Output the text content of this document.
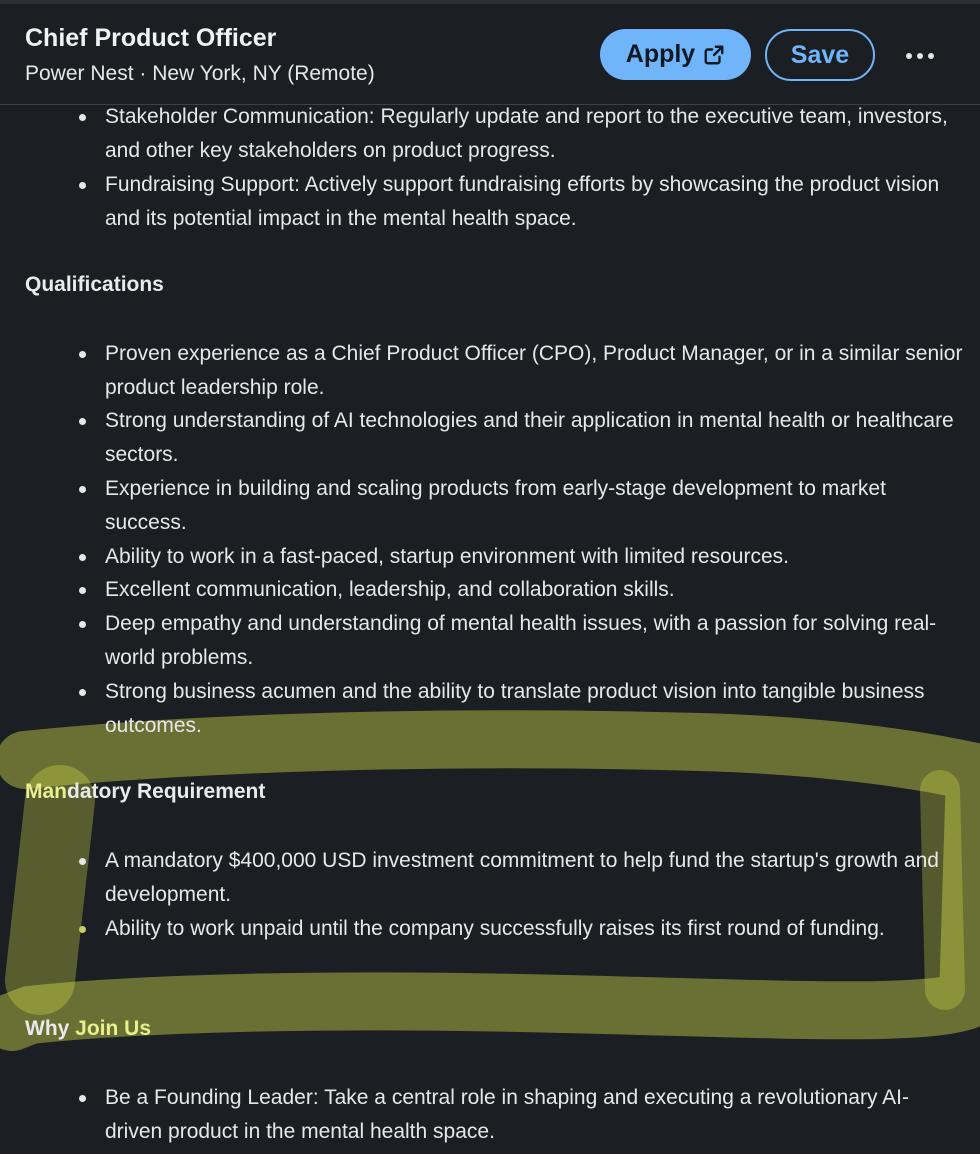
Stakeholder Communication: Regularly update and report to the executive team, investors, and other key stakeholders on product progress.
Fundraising Support: Actively support fundraising efforts by showcasing the product vision and its potential impact in the mental health space.
Qualifications
Proven experience as a Chief Product Officer (CPO), Product Manager, or in a similar senior product leadership role.
Strong understanding of AI technologies and their application in mental health or healthcare sectors.
Experience in building and scaling products from early-stage development to market success.
Ability to work in a fast-paced, startup environment with limited resources.
Excellent communication, leadership, and collaboration skills.
Deep empathy and understanding of mental health issues, with a passion for solving real-world problems.
Strong business acumen and the ability to translate product vision into tangible business outcomes.
Mandatory Requirement
A mandatory $400,000 USD investment commitment to help fund the startup's growth and development.
Ability to work unpaid until the company successfully raises its first round of funding.
Why Join Us
Be a Founding Leader: Take a central role in shaping and executing a revolutionary AI-driven product in the mental health space.
Chief Product Officer
Power Nest · New York, NY (Remote)
Apply	Save
